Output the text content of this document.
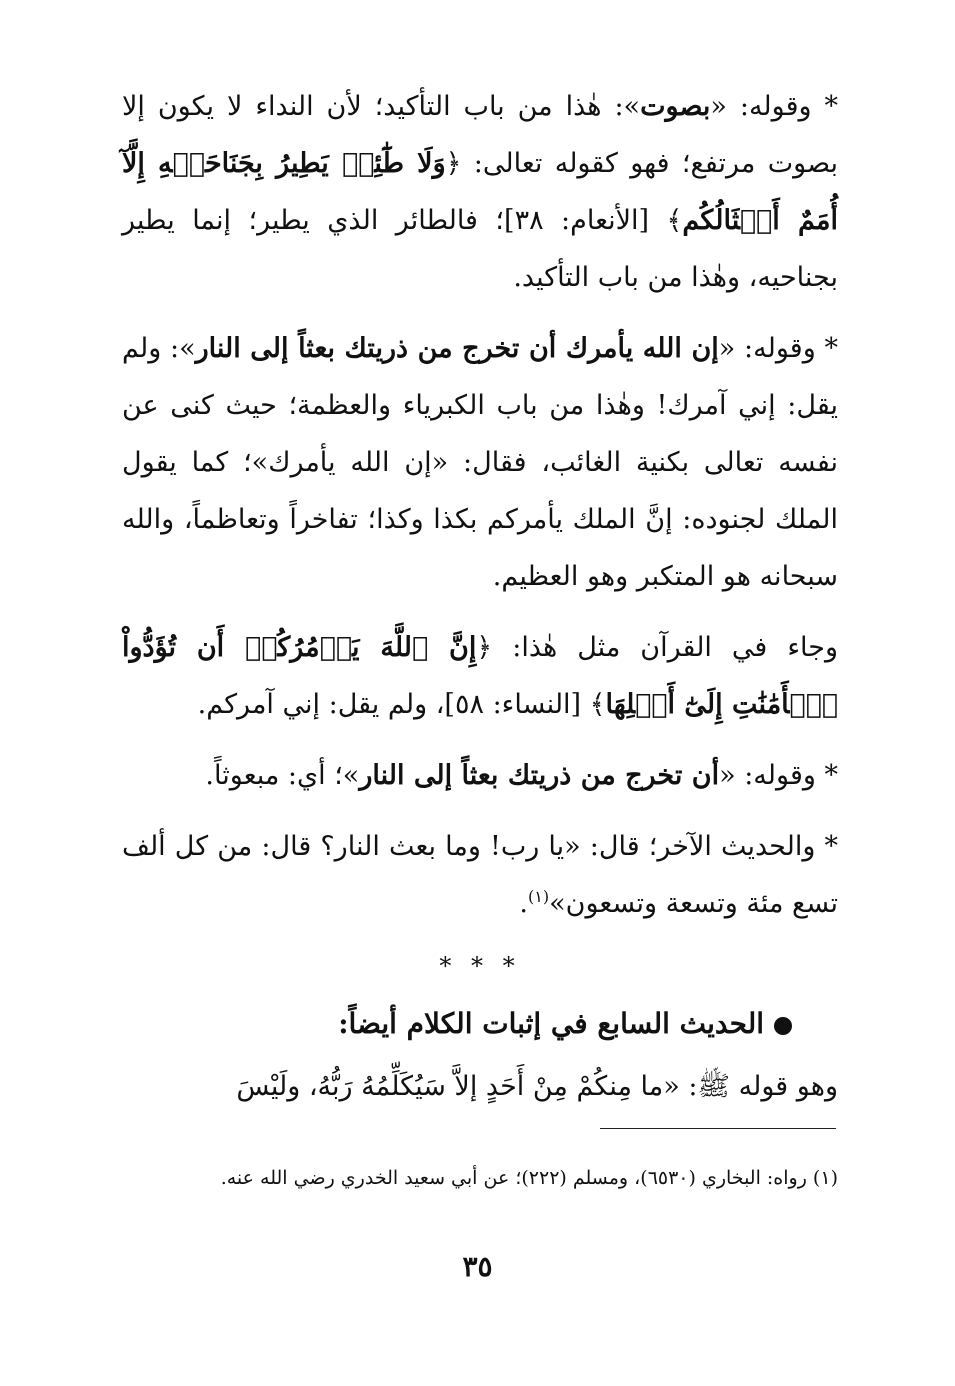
* وقوله: «بصوت»: هٰذا من باب التأكيد؛ لأن النداء لا يكون إلا بصوت مرتفع؛ فهو كقوله تعالى: ﴿وَلَا طَٰٓئِرٖ يَطِيرُ بِجَنَاحَيۡهِ إِلَّآ أُمَمٌ أَمۡثَالُكُم﴾ [الأنعام: ٣٨]؛ فالطائر الذي يطير؛ إنما يطير بجناحيه، وهٰذا من باب التأكيد.

* وقوله: «إن الله يأمرك أن تخرج من ذريتك بعثاً إلى النار»: ولم يقل: إني آمرك! وهٰذا من باب الكبرياء والعظمة؛ حيث كنى عن نفسه تعالى بكنية الغائب، فقال: «إن الله يأمرك»؛ كما يقول الملك لجنوده: إنَّ الملك يأمركم بكذا وكذا؛ تفاخراً وتعاظماً، والله سبحانه هو المتكبر وهو العظيم.

وجاء في القرآن مثل هٰذا: ﴿إِنَّ ٱللَّهَ يَأۡمُرُكُمۡ أَن تُؤَدُّواْ ٱلۡأَمَٰنَٰتِ إِلَىٰٓ أَهۡلِهَا﴾ [النساء: ٥٨]، ولم يقل: إني آمركم.

* وقوله: «أن تخرج من ذريتك بعثاً إلى النار»؛ أي: مبعوثاً.

* والحديث الآخر؛ قال: «يا رب! وما بعث النار؟ قال: من كل ألف تسع مئة وتسعة وتسعون»$^{(١)}$.

* * *

الحديث السابع في إثبات الكلام أيضاً:

وهو قوله ﷺ: «ما مِنكُمْ مِنْ أَحَدٍ إلاَّ سَيُكَلِّمُهُ رَبُّهُ، ولَيْسَ

(١) رواه: البخاري (٦٥٣٠)، ومسلم (٢٢٢)؛ عن أبي سعيد الخدري رضي الله عنه.
٣٥
